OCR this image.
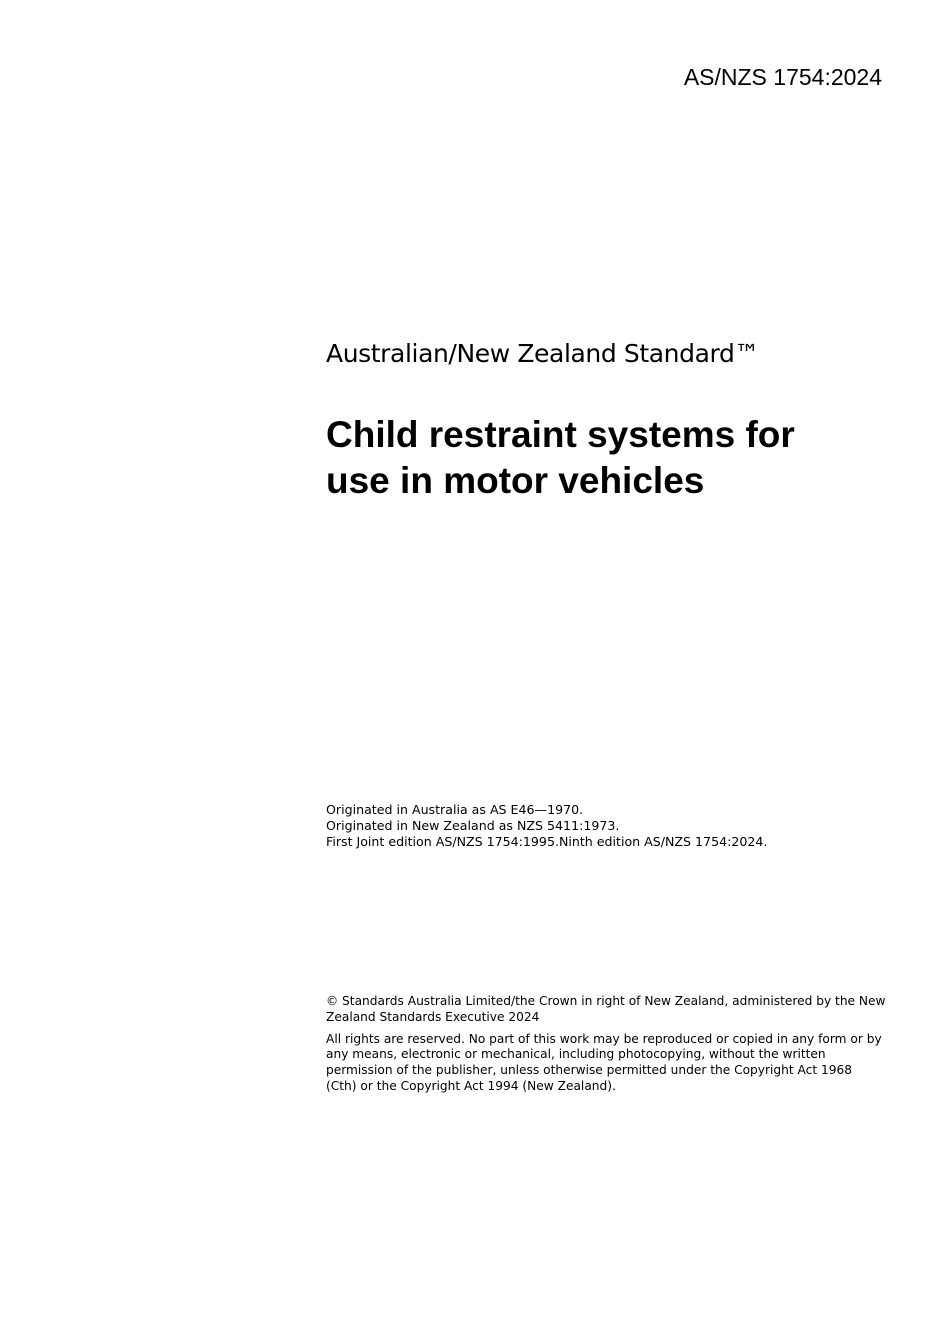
AS/NZS 1754:2024
Australian/New Zealand Standard™
Child restraint systems for
use in motor vehicles
Originated in Australia as AS E46—1970.
Originated in New Zealand as NZS 5411:1973.
First Joint edition AS/NZS 1754:1995.Ninth edition AS/NZS 1754:2024.

© Standards Australia Limited/the Crown in right of New Zealand, administered by the New Zealand Standards Executive 2024

All rights are reserved. No part of this work may be reproduced or copied in any form or by any means, electronic or mechanical, including photocopying, without the written permission of the publisher, unless otherwise permitted under the Copyright Act 1968 (Cth) or the Copyright Act 1994 (New Zealand).
